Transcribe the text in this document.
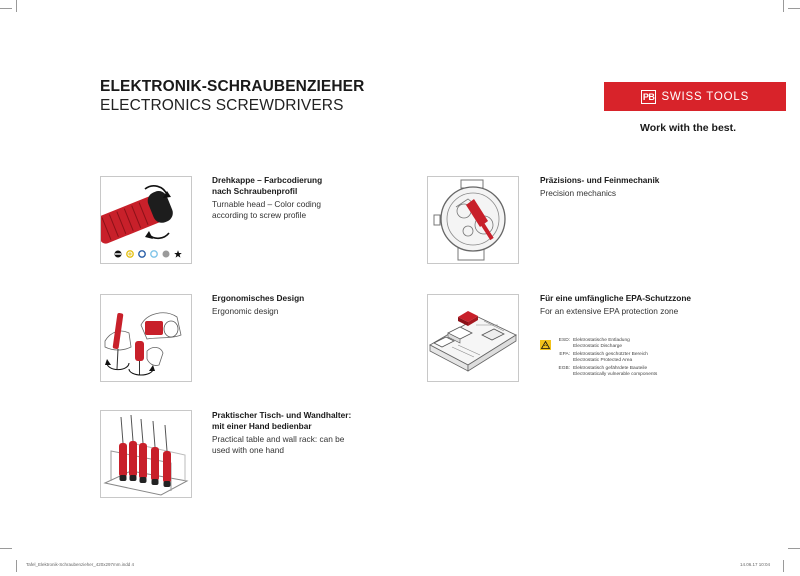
ELEKTRONIK-SCHRAUBENZIEHER
ELECTRONICS SCREWDRIVERS
PB SWISS TOOLS
Work with the best.
Drehkappe – Farbcodierung
nach Schraubenprofil
Turnable head – Color coding
according to screw profile
Präzisions- und Feinmechanik
Precision mechanics
Ergonomisches Design
Ergonomic design
Für eine umfängliche EPA-Schutzzone
For an extensive EPA protection zone
ESD: Elektrostatische Entladung
Electrostatic Discharge
EPA: Elektrostatisch geschützter Bereich
Electrostatic Protected Area
EGB: Elektrostatisch gefährdete Bauteile
Electrostatically vulnerable components
Praktischer Tisch- und Wandhalter:
mit einer Hand bedienbar
Practical table and wall rack: can be
used with one hand
Tafel_Elektronik-Schraubenzieher_420x297mm.indd 4	14.06.17 10:04
